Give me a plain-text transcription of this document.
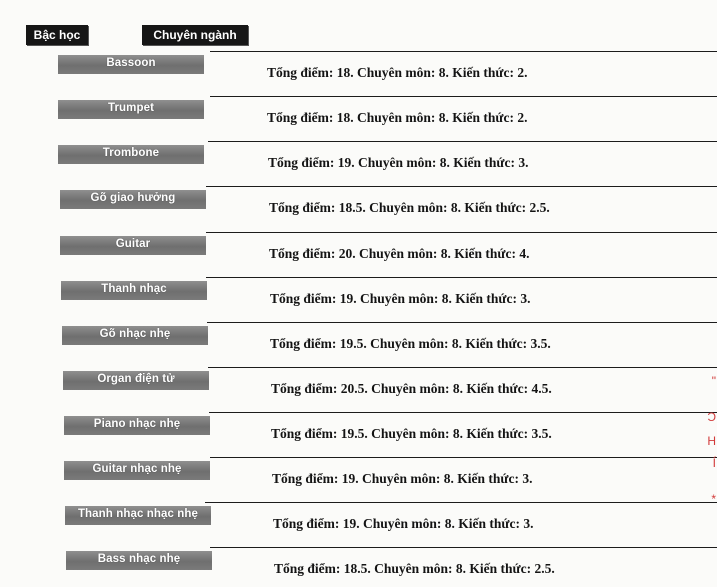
Bậc học	Chuyên ngành
Bassoon
Tổng điểm: 18. Chuyên môn: 8. Kiến thức: 2.
Trumpet
Tổng điểm: 18. Chuyên môn: 8. Kiến thức: 2.
Trombone
Tổng điểm: 19. Chuyên môn: 8. Kiến thức: 3.
Gõ giao hưởng
Tổng điểm: 18.5. Chuyên môn: 8. Kiến thức: 2.5.
Guitar
Tổng điểm: 20. Chuyên môn: 8. Kiến thức: 4.
Thanh nhạc
Tổng điểm: 19. Chuyên môn: 8. Kiến thức: 3.
Gõ nhạc nhẹ
Tổng điểm: 19.5. Chuyên môn: 8. Kiến thức: 3.5.
Organ điện tử
Tổng điểm: 20.5. Chuyên môn: 8. Kiến thức: 4.5.
Piano nhạc nhẹ
Tổng điểm: 19.5. Chuyên môn: 8. Kiến thức: 3.5.
Guitar nhạc nhẹ
Tổng điểm: 19. Chuyên môn: 8. Kiến thức: 3.
Thanh nhạc nhạc nhẹ
Tổng điểm: 19. Chuyên môn: 8. Kiến thức: 3.
Bass nhạc nhẹ
Tổng điểm: 18.5. Chuyên môn: 8. Kiến thức: 2.5.
"
Ɔ
H
Í
*
